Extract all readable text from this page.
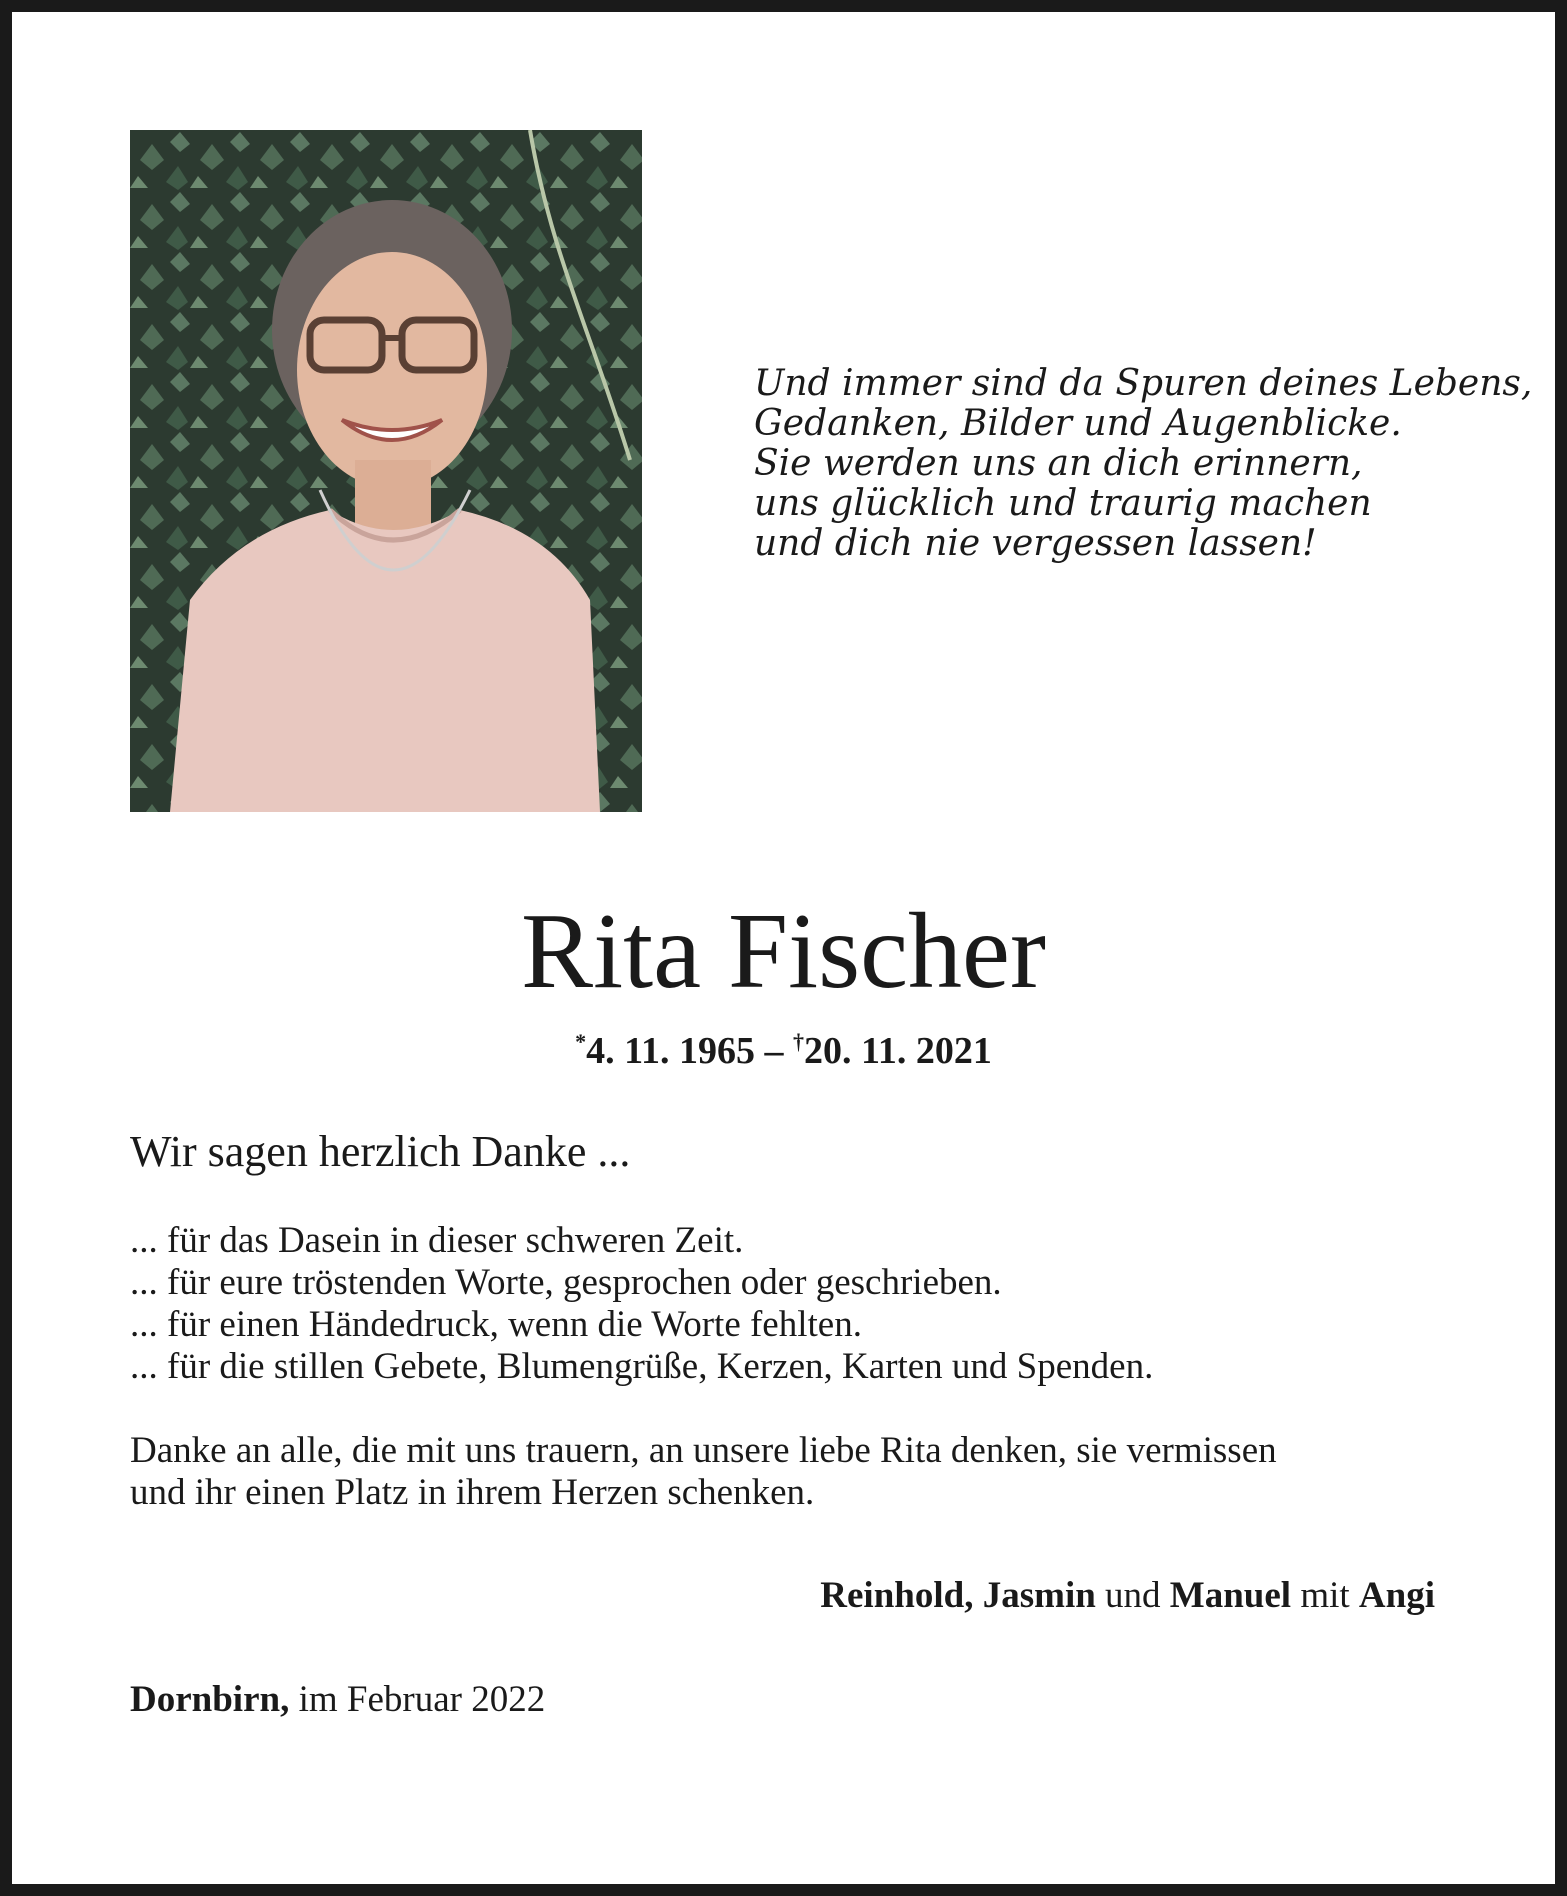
Und immer sind da Spuren deines Lebens,
Gedanken, Bilder und Augenblicke.
Sie werden uns an dich erinnern,
uns glücklich und traurig machen
und dich nie vergessen lassen!
Rita Fischer
*4. 11. 1965 – †20. 11. 2021
Wir sagen herzlich Danke ...
... für das Dasein in dieser schweren Zeit.
... für eure tröstenden Worte, gesprochen oder geschrieben.
... für einen Händedruck, wenn die Worte fehlten.
... für die stillen Gebete, Blumengrüße, Kerzen, Karten und Spenden.
Danke an alle, die mit uns trauern, an unsere liebe Rita denken, sie vermissen
und ihr einen Platz in ihrem Herzen schenken.
Reinhold, Jasmin und Manuel mit Angi
Dornbirn, im Februar 2022
